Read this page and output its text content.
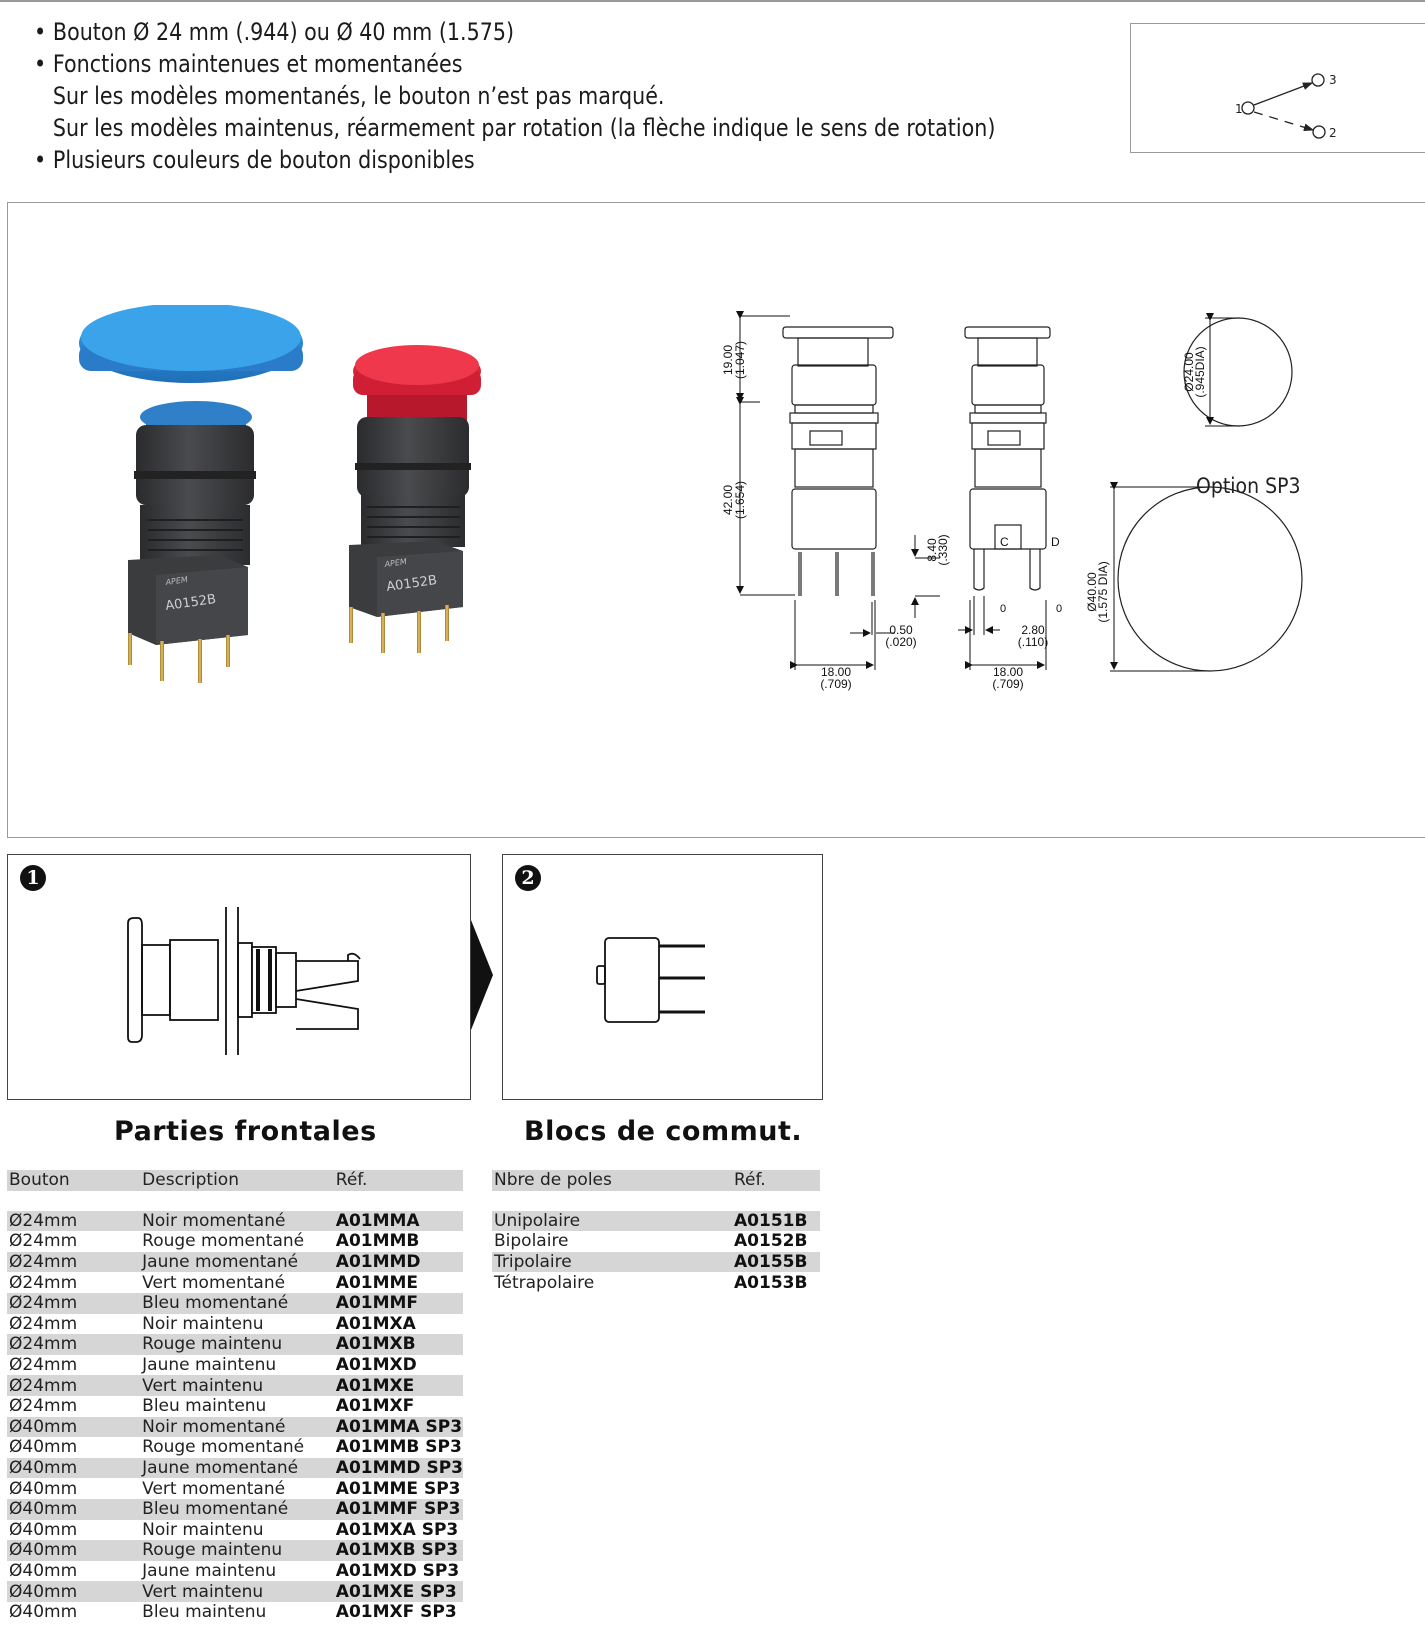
• Bouton Ø 24 mm (.944) ou Ø 40 mm (1.575)
• Fonctions maintenues et momentanées
Sur les modèles momentanés, le bouton n’est pas marqué.
Sur les modèles maintenus, réarmement par rotation (la flèche indique le sens de rotation)
• Plusieurs couleurs de bouton disponibles
1
3
2
A0152B
APEM	A0152B
APEM
19.00
(1.047)
42.00
(1.654)
0.50
(.020)
18.00
(.709)
8.40
(.330)
2.80
(.110)
18.00
(.709)
C	D
0	0
Ø24.00
(.945DIA)
Ø40.00
(1.575 DIA)
Option SP3
1	2
Parties frontales	Blocs de commut.
Bouton	Description	Réf.

Ø24mm	Noir momentané	A01MMA
Ø24mm	Rouge momentané	A01MMB
Ø24mm	Jaune momentané	A01MMD
Ø24mm	Vert momentané	A01MME
Ø24mm	Bleu momentané	A01MMF
Ø24mm	Noir maintenu	A01MXA
Ø24mm	Rouge maintenu	A01MXB
Ø24mm	Jaune maintenu	A01MXD
Ø24mm	Vert maintenu	A01MXE
Ø24mm	Bleu maintenu	A01MXF
Ø40mm	Noir momentané	A01MMA SP3
Ø40mm	Rouge momentané	A01MMB SP3
Ø40mm	Jaune momentané	A01MMD SP3
Ø40mm	Vert momentané	A01MME SP3
Ø40mm	Bleu momentané	A01MMF SP3
Ø40mm	Noir maintenu	A01MXA SP3
Ø40mm	Rouge maintenu	A01MXB SP3
Ø40mm	Jaune maintenu	A01MXD SP3
Ø40mm	Vert maintenu	A01MXE SP3
Ø40mm	Bleu maintenu	A01MXF SP3
Nbre de poles	Réf.

Unipolaire	A0151B
Bipolaire	A0152B
Tripolaire	A0155B
Tétrapolaire	A0153B
